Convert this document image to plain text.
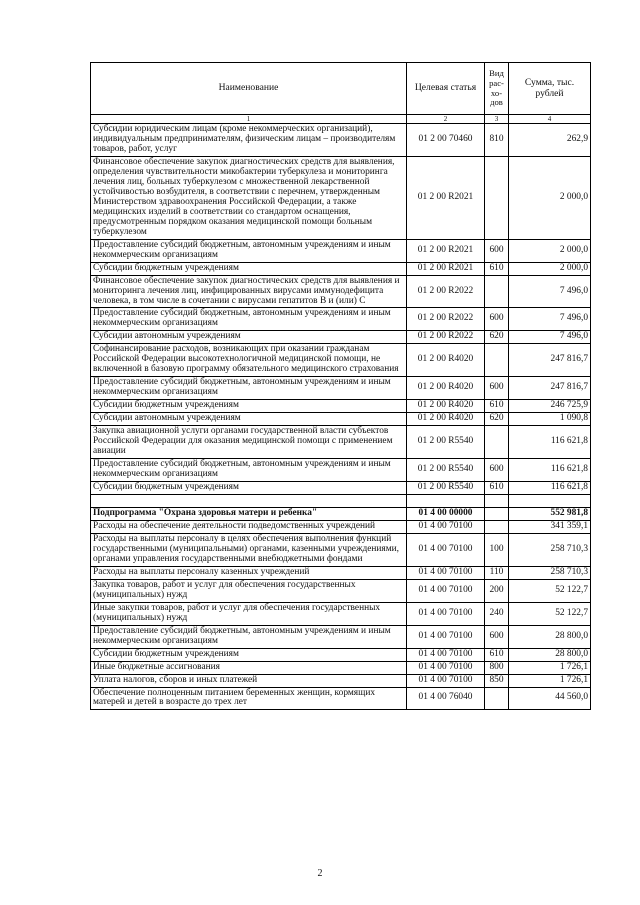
Наименование	Целевая статья	Вид рас-хо-дов	Сумма, тыс. рублей
1	2	3	4
Субсидии юридическим лицам (кроме некоммерческих организаций), индивидуальным предпринимателям, физическим лицам – производителям товаров, работ, услуг	01 2 00 70460	810	262,9
Финансовое обеспечение закупок диагностических средств для выявления, определения чувствительности микобактерии туберкулеза и мониторинга лечения лиц, больных туберкулезом с множественной лекарственной устойчивостью возбудителя, в соответствии с перечнем, утвержденным Министерством здравоохранения Российской Федерации, а также медицинских изделий в соответствии со стандартом оснащения, предусмотренным порядком оказания медицинской помощи больным туберкулезом	01 2 00 R2021		2 000,0
Предоставление субсидий бюджетным, автономным учреждениям и иным некоммерческим организациям	01 2 00 R2021	600	2 000,0
Субсидии бюджетным учреждениям	01 2 00 R2021	610	2 000,0
Финансовое обеспечение закупок диагностических средств для выявления и мониторинга лечения лиц, инфицированных вирусами иммунодефицита человека, в том числе в сочетании с вирусами гепатитов B и (или) C	01 2 00 R2022		7 496,0
Предоставление субсидий бюджетным, автономным учреждениям и иным некоммерческим организациям	01 2 00 R2022	600	7 496,0
Субсидии автономным учреждениям	01 2 00 R2022	620	7 496,0
Софинансирование расходов, возникающих при оказании гражданам Российской Федерации высокотехнологичной медицинской помощи, не включенной в базовую программу обязательного медицинского страхования	01 2 00 R4020		247 816,7
Предоставление субсидий бюджетным, автономным учреждениям и иным некоммерческим организациям	01 2 00 R4020	600	247 816,7
Субсидии бюджетным учреждениям	01 2 00 R4020	610	246 725,9
Субсидии автономным учреждениям	01 2 00 R4020	620	1 090,8
Закупка авиационной услуги органами государственной власти субъектов Российской Федерации для оказания медицинской помощи с применением авиации	01 2 00 R5540		116 621,8
Предоставление субсидий бюджетным, автономным учреждениям и иным некоммерческим организациям	01 2 00 R5540	600	116 621,8
Субсидии бюджетным учреждениям	01 2 00 R5540	610	116 621,8

Подпрограмма "Охрана здоровья матери и ребенка"	01 4 00 00000		552 981,8
Расходы на обеспечение деятельности подведомственных учреждений	01 4 00 70100		341 359,1
Расходы на выплаты персоналу в целях обеспечения выполнения функций государственными (муниципальными) органами, казенными учреждениями, органами управления государственными внебюджетными фондами	01 4 00 70100	100	258 710,3
Расходы на выплаты персоналу казенных учреждений	01 4 00 70100	110	258 710,3
Закупка товаров, работ и услуг для обеспечения государственных (муниципальных) нужд	01 4 00 70100	200	52 122,7
Иные закупки товаров, работ и услуг для обеспечения государственных (муниципальных) нужд	01 4 00 70100	240	52 122,7
Предоставление субсидий бюджетным, автономным учреждениям и иным некоммерческим организациям	01 4 00 70100	600	28 800,0
Субсидии бюджетным учреждениям	01 4 00 70100	610	28 800,0
Иные бюджетные ассигнования	01 4 00 70100	800	1 726,1
Уплата налогов, сборов и иных платежей	01 4 00 70100	850	1 726,1
Обеспечение полноценным питанием беременных женщин, кормящих матерей и детей в возрасте до трех лет	01 4 00 76040		44 560,0
2
